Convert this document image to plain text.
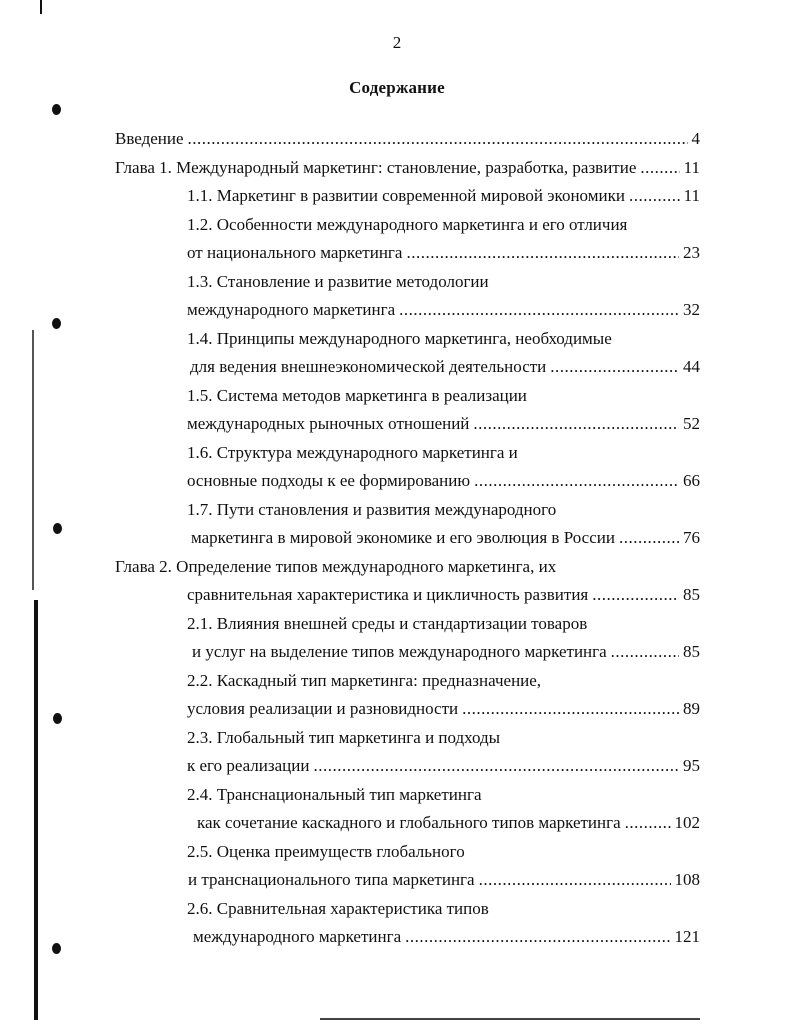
2
Содержание
Введение .....	4
Глава 1. Международный маркетинг: становление, разработка, развитие .....	11
1.1. Маркетинг в развитии современной мировой экономики .....	11
1.2. Особенности международного маркетинга и его отличия
от национального маркетинга .....	23
1.3. Становление и развитие методологии
международного маркетинга .....	32
1.4. Принципы международного маркетинга, необходимые
для ведения внешнеэкономической деятельности .....	44
1.5. Система методов маркетинга в реализации
международных рыночных отношений .....	52
1.6. Структура международного маркетинга и
основные подходы к ее формированию .....	66
1.7. Пути становления и развития международного
маркетинга в мировой экономике и его эволюция в России .....	76
Глава 2. Определение типов международного маркетинга, их
сравнительная характеристика и цикличность развития .....	85
2.1. Влияния внешней среды и стандартизации товаров
и услуг на выделение типов международного маркетинга .....	85
2.2. Каскадный тип маркетинга: предназначение,
условия реализации и разновидности .....	89
2.3. Глобальный тип маркетинга и подходы
к его реализации .....	95
2.4. Транснациональный тип маркетинга
как сочетание каскадного и глобального типов маркетинга .....	102
2.5. Оценка преимуществ глобального
и транснационального типа маркетинга .....	108
2.6. Сравнительная характеристика типов
международного маркетинга .....	121
